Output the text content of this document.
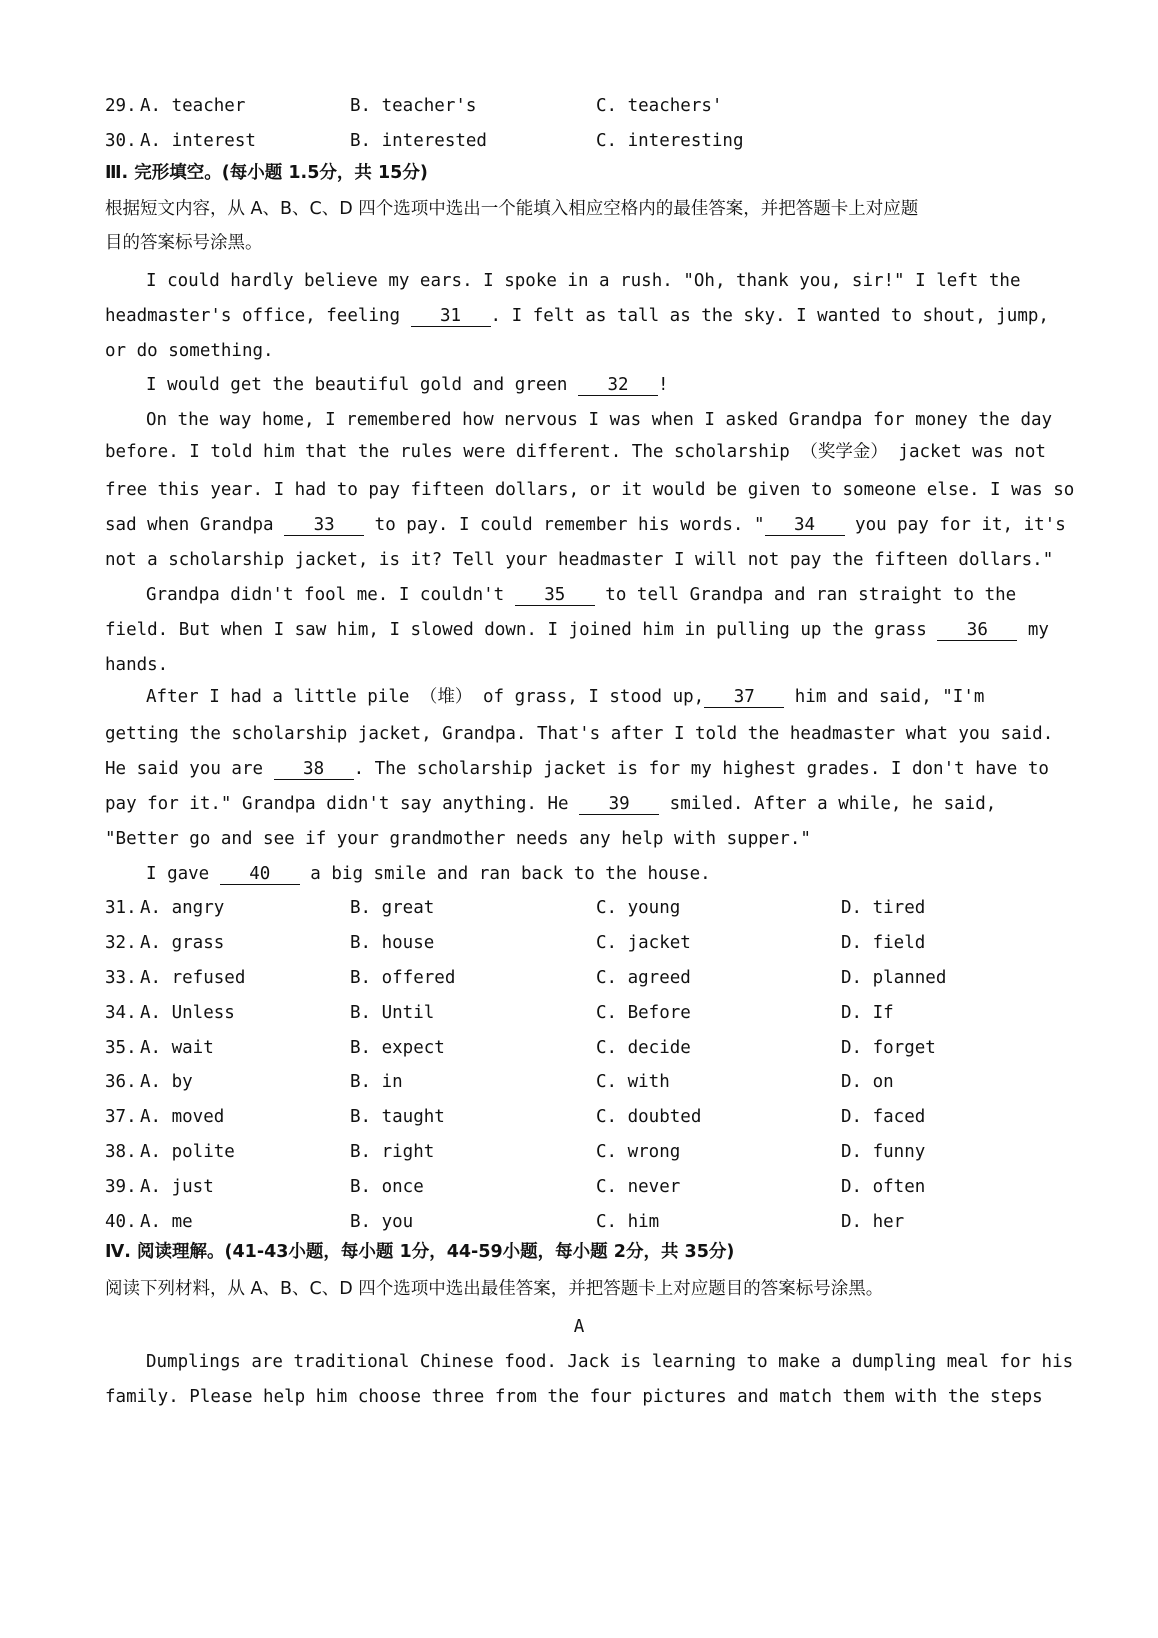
29. A. teacher	B. teacher's	C. teachers'
30. A. interest	B. interested	C. interesting
Ⅲ. 完形填空。(每小题 1.5分，共 15分)
根据短文内容，从 A、B、C、D 四个选项中选出一个能填入相应空格内的最佳答案，并把答题卡上对应题
目的答案标号涂黑。
I could hardly believe my ears. I spoke in a rush. "Oh, thank you, sir!" I left the
headmaster's office, feeling 31 . I felt as tall as the sky. I wanted to shout, jump,
or do something.
I would get the beautiful gold and green 32 !
On the way home, I remembered how nervous I was when I asked Grandpa for money the day
before. I told him that the rules were different. The scholarship （奖学金） jacket was not
free this year. I had to pay fifteen dollars, or it would be given to someone else. I was so
sad when Grandpa 33 to pay. I could remember his words. " 34 you pay for it, it's
not a scholarship jacket, is it? Tell your headmaster I will not pay the fifteen dollars."
Grandpa didn't fool me. I couldn't 35 to tell Grandpa and ran straight to the
field. But when I saw him, I slowed down. I joined him in pulling up the grass 36 my
hands.
After I had a little pile （堆） of grass, I stood up, 37 him and said, "I'm
getting the scholarship jacket, Grandpa. That's after I told the headmaster what you said.
He said you are 38 . The scholarship jacket is for my highest grades. I don't have to
pay for it." Grandpa didn't say anything. He 39 smiled. After a while, he said,
"Better go and see if your grandmother needs any help with supper."
I gave 40 a big smile and ran back to the house.
31. A. angry	B. great	C. young	D. tired
32. A. grass	B. house	C. jacket	D. field
33. A. refused	B. offered	C. agreed	D. planned
34. A. Unless	B. Until	C. Before	D. If
35. A. wait	B. expect	C. decide	D. forget
36. A. by	B. in	C. with	D. on
37. A. moved	B. taught	C. doubted	D. faced
38. A. polite	B. right	C. wrong	D. funny
39. A. just	B. once	C. never	D. often
40. A. me	B. you	C. him	D. her
Ⅳ. 阅读理解。(41-43小题，每小题 1分，44-59小题，每小题 2分，共 35分)
阅读下列材料，从 A、B、C、D 四个选项中选出最佳答案，并把答题卡上对应题目的答案标号涂黑。
A
Dumplings are traditional Chinese food. Jack is learning to make a dumpling meal for his
family. Please help him choose three from the four pictures and match them with the steps
